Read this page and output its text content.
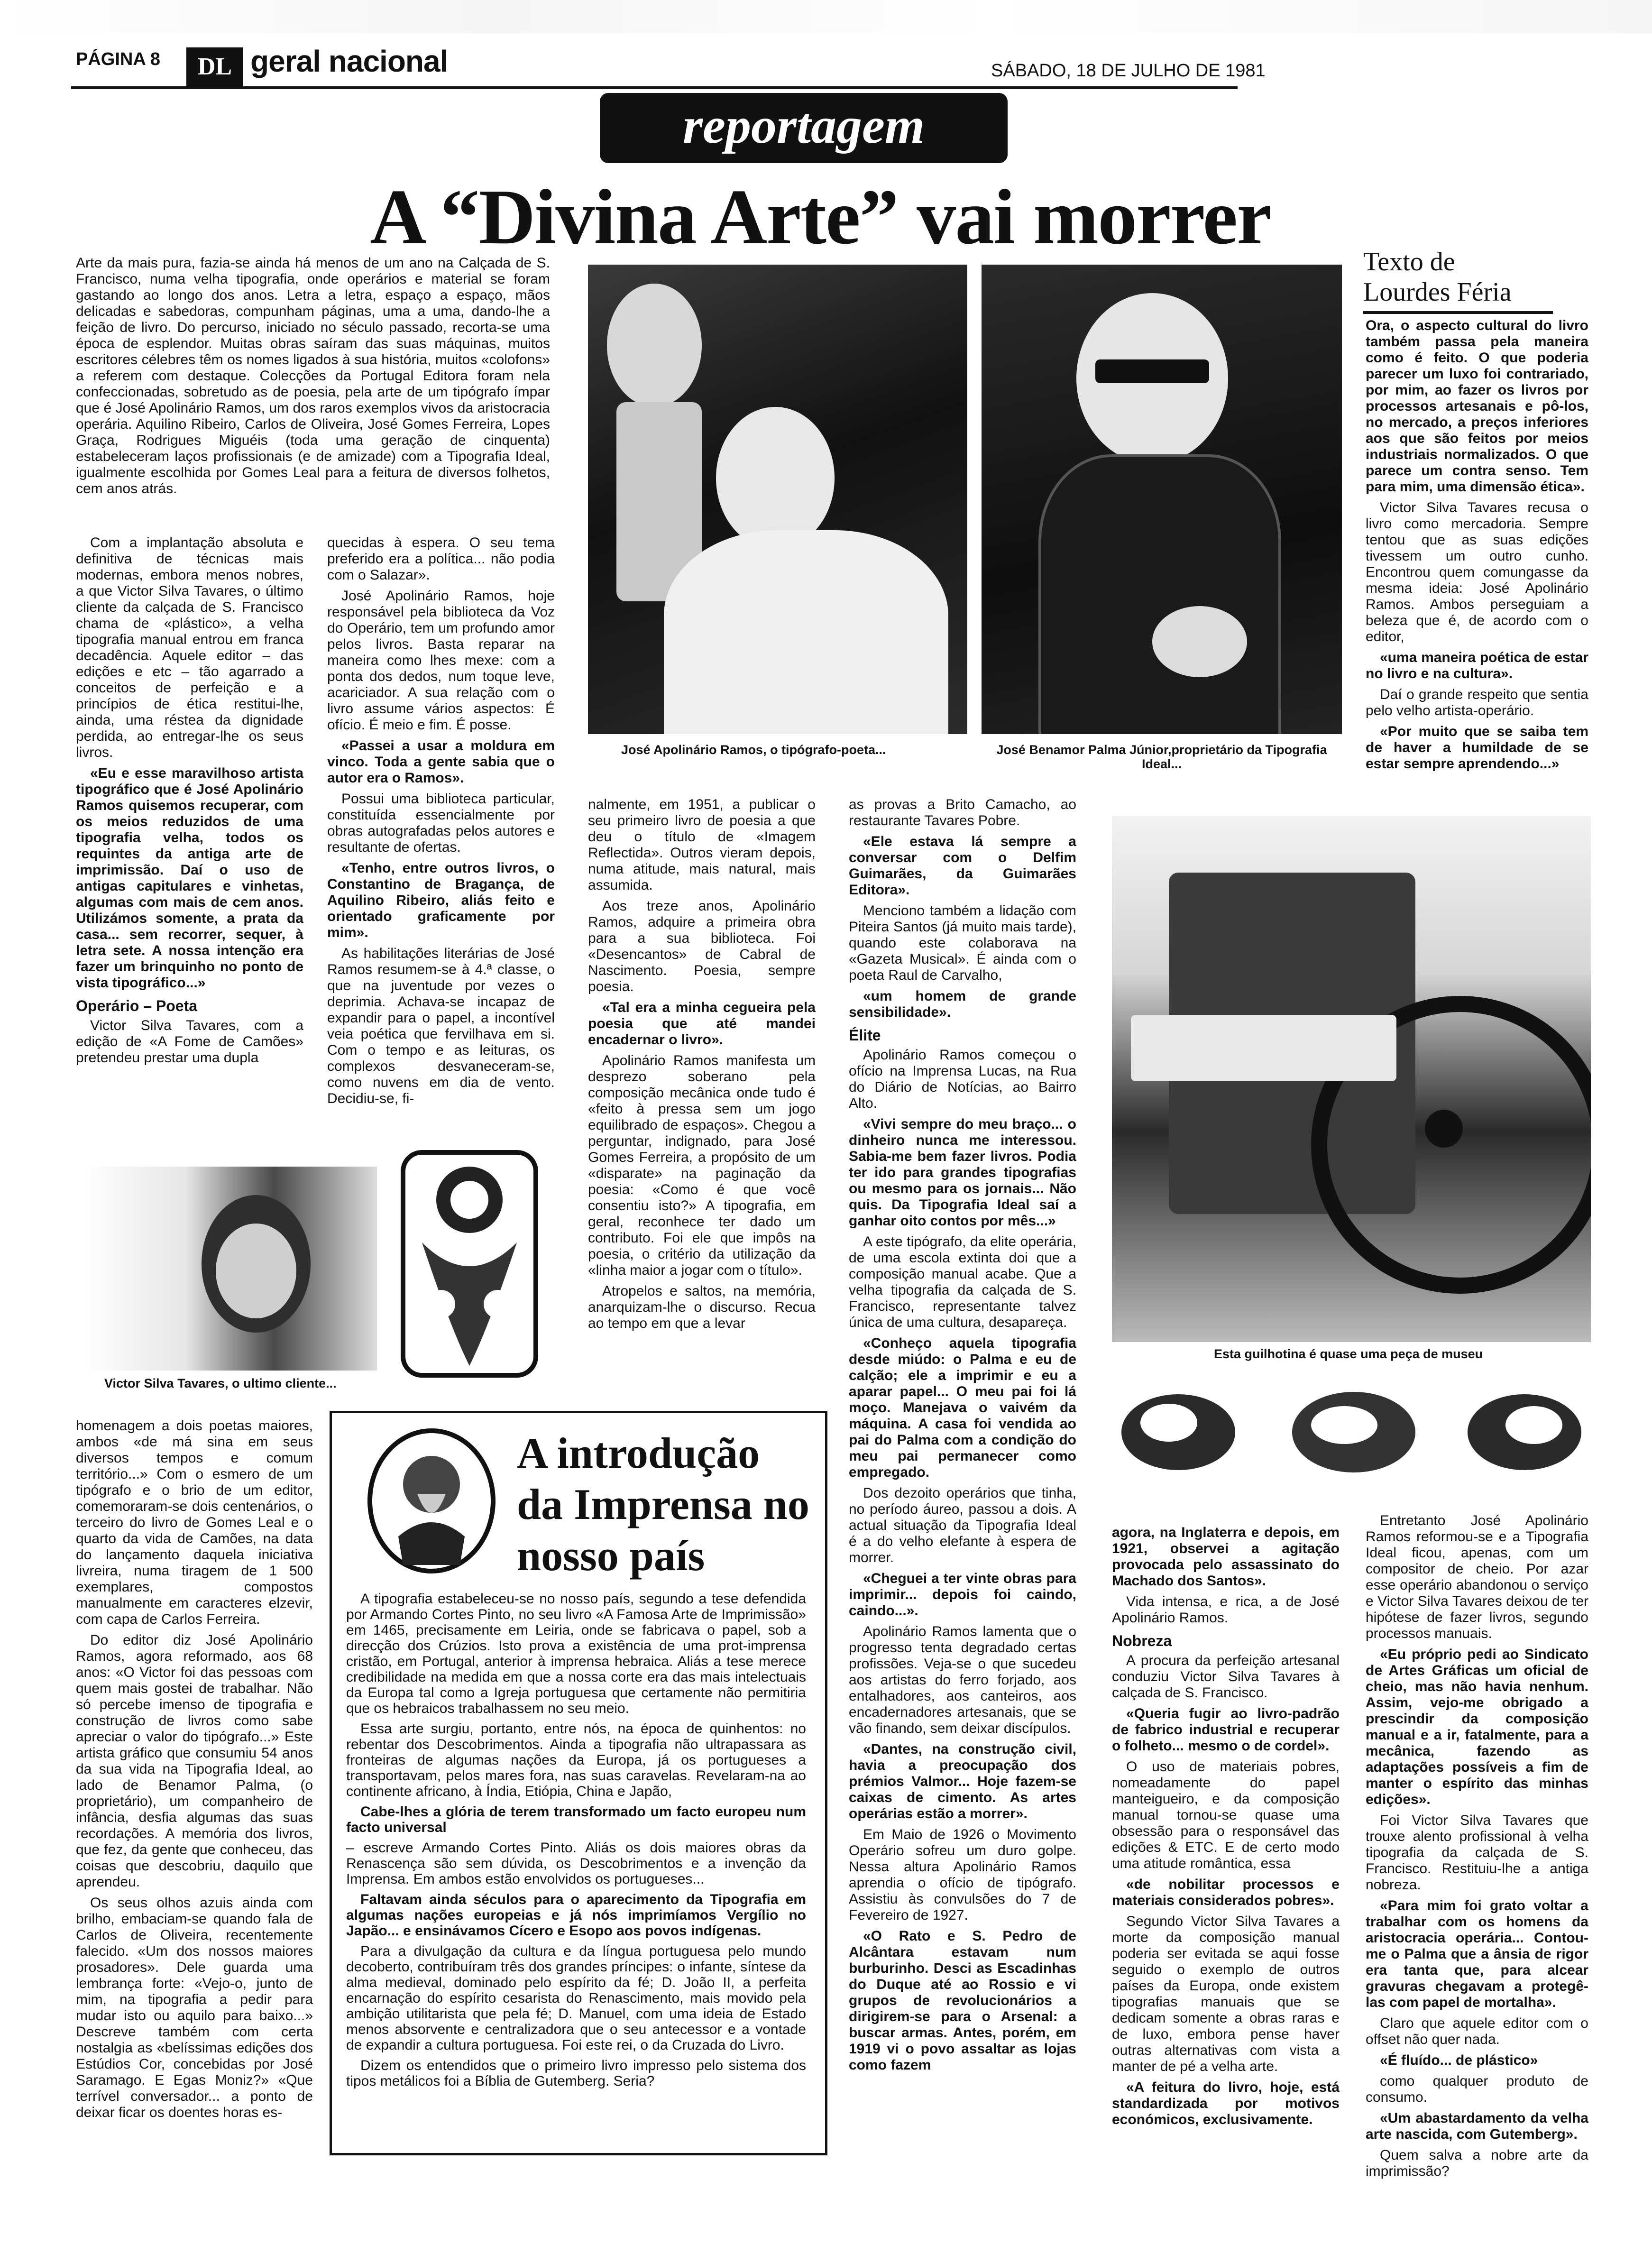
PÁGINA 8	DL geral nacional	SÁBADO, 18 DE JULHO DE 1981
reportagem
A “Divina Arte” vai morrer

Arte da mais pura, fazia-se ainda há menos de um ano na Calçada de S. Francisco, numa velha tipografia, onde operários e material se foram gastando ao longo dos anos. Letra a letra, espaço a espaço, mãos delicadas e sabedoras, compunham páginas, uma a uma, dando-lhe a feição de livro. Do percurso, iniciado no século passado, recorta-se uma época de esplendor. Muitas obras saíram das suas máquinas, muitos escritores célebres têm os nomes ligados à sua história, muitos «colofons» a referem com destaque. Colecções da Portugal Editora foram nela confeccionadas, sobretudo as de poesia, pela arte de um tipógrafo ímpar que é José Apolinário Ramos, um dos raros exemplos vivos da aristocracia operária. Aquilino Ribeiro, Carlos de Oliveira, José Gomes Ferreira, Lopes Graça, Rodrigues Miguéis (toda uma geração de cinquenta) estabeleceram laços profissionais (e de amizade) com a Tipografia Ideal, igualmente escolhida por Gomes Leal para a feitura de diversos folhetos, cem anos atrás.

Com a implantação absoluta e definitiva de técnicas mais modernas, embora menos nobres, a que Victor Silva Tavares, o último cliente da calçada de S. Francisco chama de «plástico», a velha tipografia manual entrou em franca decadência. Aquele editor – das edições e etc – tão agarrado a conceitos de perfeição e a princípios de ética restitui-lhe, ainda, uma réstea da dignidade perdida, ao entregar-lhe os seus livros.

«Eu e esse maravilhoso artista tipográfico que é José Apolinário Ramos quisemos recuperar, com os meios reduzidos de uma tipografia velha, todos os requintes da antiga arte de imprimissão. Daí o uso de antigas capitulares e vinhetas, algumas com mais de cem anos. Utilizámos somente, a prata da casa... sem recorrer, sequer, à letra sete. A nossa intenção era fazer um brinquinho no ponto de vista tipográfico...»

Operário – Poeta

Victor Silva Tavares, com a edição de «A Fome de Camões» pretendeu prestar uma dupla

quecidas à espera. O seu tema preferido era a política... não podia com o Salazar».

José Apolinário Ramos, hoje responsável pela biblioteca da Voz do Operário, tem um profundo amor pelos livros. Basta reparar na maneira como lhes mexe: com a ponta dos dedos, num toque leve, acariciador. A sua relação com o livro assume vários aspectos: É ofício. É meio e fim. É posse.

«Passei a usar a moldura em vinco. Toda a gente sabia que o autor era o Ramos».

Possui uma biblioteca particular, constituída essencialmente por obras autografadas pelos autores e resultante de ofertas.

«Tenho, entre outros livros, o Constantino de Bragança, de Aquilino Ribeiro, aliás feito e orientado graficamente por mim».

As habilitações literárias de José Ramos resumem-se à 4.ª classe, o que na juventude por vezes o deprimia. Achava-se incapaz de expandir para o papel, a incontível veia poética que fervilhava em si. Com o tempo e as leituras, os complexos desvaneceram-se, como nuvens em dia de vento. Decidiu-se, fi-

José Apolinário Ramos, o tipógrafo-poeta...	José Benamor Palma Júnior,proprietário da Tipografia Ideal...
Texto de
Lourdes Féria

Ora, o aspecto cultural do livro também passa pela maneira como é feito. O que poderia parecer um luxo foi contrariado, por mim, ao fazer os livros por processos artesanais e pô-los, no mercado, a preços inferiores aos que são feitos por meios industriais normalizados. O que parece um contra senso. Tem para mim, uma dimensão ética».

Victor Silva Tavares recusa o livro como mercadoria. Sempre tentou que as suas edições tivessem um outro cunho. Encontrou quem comungasse da mesma ideia: José Apolinário Ramos. Ambos perseguiam a beleza que é, de acordo com o editor,

«uma maneira poética de estar no livro e na cultura».

Daí o grande respeito que sentia pelo velho artista-operário.

«Por muito que se saiba tem de haver a humildade de se estar sempre aprendendo...»

nalmente, em 1951, a publicar o seu primeiro livro de poesia a que deu o título de «Imagem Reflectida». Outros vieram depois, numa atitude, mais natural, mais assumida.

Aos treze anos, Apolinário Ramos, adquire a primeira obra para a sua biblioteca. Foi «Desencantos» de Cabral de Nascimento. Poesia, sempre poesia.

«Tal era a minha cegueira pela poesia que até mandei encadernar o livro».

Apolinário Ramos manifesta um desprezo soberano pela composição mecânica onde tudo é «feito à pressa sem um jogo equilibrado de espaços». Chegou a perguntar, indignado, para José Gomes Ferreira, a propósito de um «disparate» na paginação da poesia: «Como é que você consentiu isto?» A tipografia, em geral, reconhece ter dado um contributo. Foi ele que impôs na poesia, o critério da utilização da «linha maior a jogar com o título».

Atropelos e saltos, na memória, anarquizam-lhe o discurso. Recua ao tempo em que a levar

as provas a Brito Camacho, ao restaurante Tavares Pobre.

«Ele estava lá sempre a conversar com o Delfim Guimarães, da Guimarães Editora».

Menciono também a lidação com Piteira Santos (já muito mais tarde), quando este colaborava na «Gazeta Musical». É ainda com o poeta Raul de Carvalho,

«um homem de grande sensibilidade».

Élite

Apolinário Ramos começou o ofício na Imprensa Lucas, na Rua do Diário de Notícias, ao Bairro Alto.

«Vivi sempre do meu braço... o dinheiro nunca me interessou. Sabia-me bem fazer livros. Podia ter ido para grandes tipografias ou mesmo para os jornais... Não quis. Da Tipografia Ideal saí a ganhar oito contos por mês...»

A este tipógrafo, da elite operária, de uma escola extinta doi que a composição manual acabe. Que a velha tipografia da calçada de S. Francisco, representante talvez única de uma cultura, desapareça.

«Conheço aquela tipografia desde miúdo: o Palma e eu de calção; ele a imprimir e eu a aparar papel... O meu pai foi lá moço. Manejava o vaivém da máquina. A casa foi vendida ao pai do Palma com a condição do meu pai permanecer como empregado.

Dos dezoito operários que tinha, no período áureo, passou a dois. A actual situação da Tipografia Ideal é a do velho elefante à espera de morrer.

«Cheguei a ter vinte obras para imprimir... depois foi caindo, caindo...».

Apolinário Ramos lamenta que o progresso tenta degradado certas profissões. Veja-se o que sucedeu aos artistas do ferro forjado, aos entalhadores, aos canteiros, aos encadernadores artesanais, que se vão finando, sem deixar discípulos.

«Dantes, na construção civil, havia a preocupação dos prémios Valmor... Hoje fazem-se caixas de cimento. As artes operárias estão a morrer».

Em Maio de 1926 o Movimento Operário sofreu um duro golpe. Nessa altura Apolinário Ramos aprendia o ofício de tipógrafo. Assistiu às convulsões do 7 de Fevereiro de 1927.

«O Rato e S. Pedro de Alcântara estavam num burburinho. Desci as Escadinhas do Duque até ao Rossio e vi grupos de revolucionários a dirigirem-se para o Arsenal: a buscar armas. Antes, porém, em 1919 vi o povo assaltar as lojas como fazem

Esta guilhotina é quase uma peça de museu
Victor Silva Tavares, o ultimo cliente...

homenagem a dois poetas maiores, ambos «de má sina em seus diversos tempos e comum território...» Com o esmero de um tipógrafo e o brio de um editor, comemoraram-se dois centenários, o terceiro do livro de Gomes Leal e o quarto da vida de Camões, na data do lançamento daquela iniciativa livreira, numa tiragem de 1 500 exemplares, compostos manualmente em caracteres elzevir, com capa de Carlos Ferreira.

Do editor diz José Apolinário Ramos, agora reformado, aos 68 anos: «O Victor foi das pessoas com quem mais gostei de trabalhar. Não só percebe imenso de tipografia e construção de livros como sabe apreciar o valor do tipógrafo...» Este artista gráfico que consumiu 54 anos da sua vida na Tipografia Ideal, ao lado de Benamor Palma, (o proprietário), um companheiro de infância, desfia algumas das suas recordações. A memória dos livros, que fez, da gente que conheceu, das coisas que descobriu, daquilo que aprendeu.

Os seus olhos azuis ainda com brilho, embaciam-se quando fala de Carlos de Oliveira, recentemente falecido. «Um dos nossos maiores prosadores». Dele guarda uma lembrança forte: «Vejo-o, junto de mim, na tipografia a pedir para mudar isto ou aquilo para baixo...» Descreve também com certa nostalgia as «belíssimas edições dos Estúdios Cor, concebidas por José Saramago. E Egas Moniz?» «Que terrível conversador... a ponto de deixar ficar os doentes horas es-

A introdução da Imprensa no nosso país

A tipografia estabeleceu-se no nosso país, segundo a tese defendida por Armando Cortes Pinto, no seu livro «A Famosa Arte de Imprimissão» em 1465, precisamente em Leiria, onde se fabricava o papel, sob a direcção dos Crúzios. Isto prova a existência de uma prot-imprensa cristão, em Portugal, anterior à imprensa hebraica. Aliás a tese merece credibilidade na medida em que a nossa corte era das mais intelectuais da Europa tal como a Igreja portuguesa que certamente não permitiria que os hebraicos trabalhassem no seu meio.

Essa arte surgiu, portanto, entre nós, na época de quinhentos: no rebentar dos Descobrimentos. Ainda a tipografia não ultrapassara as fronteiras de algumas nações da Europa, já os portugueses a transportavam, pelos mares fora, nas suas caravelas. Revelaram-na ao continente africano, à Índia, Etiópia, China e Japão,

Cabe-lhes a glória de terem transformado um facto europeu num facto universal

– escreve Armando Cortes Pinto. Aliás os dois maiores obras da Renascença são sem dúvida, os Descobrimentos e a invenção da Imprensa. Em ambos estão envolvidos os portugueses...

Faltavam ainda séculos para o aparecimento da Tipografia em algumas nações europeias e já nós imprimíamos Vergílio no Japão... e ensinávamos Cícero e Esopo aos povos indígenas.

Para a divulgação da cultura e da língua portuguesa pelo mundo decoberto, contribuíram três dos grandes príncipes: o infante, síntese da alma medieval, dominado pelo espírito da fé; D. João II, a perfeita encarnação do espírito cesarista do Renascimento, mais movido pela ambição utilitarista que pela fé; D. Manuel, com uma ideia de Estado menos absorvente e centralizadora que o seu antecessor e a vontade de expandir a cultura portuguesa. Foi este rei, o da Cruzada do Livro.

Dizem os entendidos que o primeiro livro impresso pelo sistema dos tipos metálicos foi a Bíblia de Gutemberg. Seria?

agora, na Inglaterra e depois, em 1921, observei a agitação provocada pelo assassinato do Machado dos Santos».

Vida intensa, e rica, a de José Apolinário Ramos.

Nobreza

A procura da perfeição artesanal conduziu Victor Silva Tavares à calçada de S. Francisco.

«Queria fugir ao livro-padrão de fabrico industrial e recuperar o folheto... mesmo o de cordel».

O uso de materiais pobres, nomeadamente do papel manteigueiro, e da composição manual tornou-se quase uma obsessão para o responsável das edições & ETC. E de certo modo uma atitude romântica, essa

«de nobilitar processos e materiais considerados pobres».

Segundo Victor Silva Tavares a morte da composição manual poderia ser evitada se aqui fosse seguido o exemplo de outros países da Europa, onde existem tipografias manuais que se dedicam somente a obras raras e de luxo, embora pense haver outras alternativas com vista a manter de pé a velha arte.

«A feitura do livro, hoje, está standardizada por motivos económicos, exclusivamente.

Entretanto José Apolinário Ramos reformou-se e a Tipografia Ideal ficou, apenas, com um compositor de cheio. Por azar esse operário abandonou o serviço e Victor Silva Tavares deixou de ter hipótese de fazer livros, segundo processos manuais.

«Eu próprio pedi ao Sindicato de Artes Gráficas um oficial de cheio, mas não havia nenhum. Assim, vejo-me obrigado a prescindir da composição manual e a ir, fatalmente, para a mecânica, fazendo as adaptações possíveis a fim de manter o espírito das minhas edições».

Foi Victor Silva Tavares que trouxe alento profissional à velha tipografia da calçada de S. Francisco. Restituiu-lhe a antiga nobreza.

«Para mim foi grato voltar a trabalhar com os homens da aristocracia operária... Contou-me o Palma que a ânsia de rigor era tanta que, para alcear gravuras chegavam a protegê-las com papel de mortalha».

Claro que aquele editor com o offset não quer nada.

«É fluído... de plástico»

como qualquer produto de consumo.

«Um abastardamento da velha arte nascida, com Gutemberg».

Quem salva a nobre arte da imprimissão?
